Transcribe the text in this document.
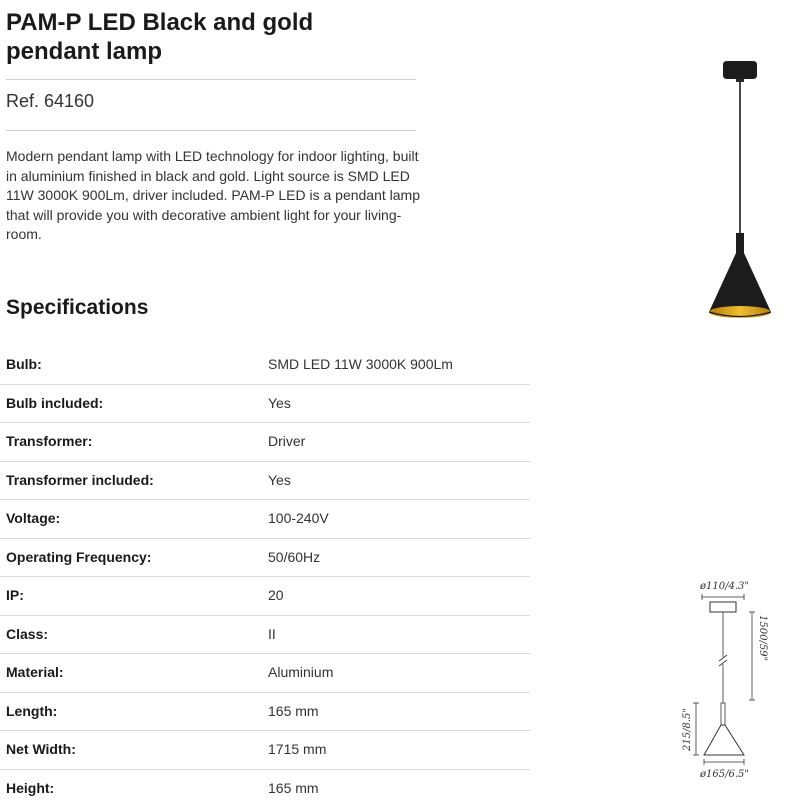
PAM-P LED Black and gold pendant lamp

Ref. 64160

Modern pendant lamp with LED technology for indoor lighting, built in aluminium finished in black and gold. Light source is SMD LED 11W 3000K 900Lm, driver included. PAM-P LED is a pendant lamp that will provide you with decorative ambient light for your living-room.

Specifications
Bulb:	SMD LED 11W 3000K 900Lm
Bulb included:	Yes
Transformer:	Driver
Transformer included:	Yes
Voltage:	100-240V
Operating Frequency:	50/60Hz
IP:	20
Class:	II
Material:	Aluminium
Length:	165 mm
Net Width:	1715 mm
Height:	165 mm
ø110/4.3"
1500/59"
215/8.5"
ø165/6.5"
